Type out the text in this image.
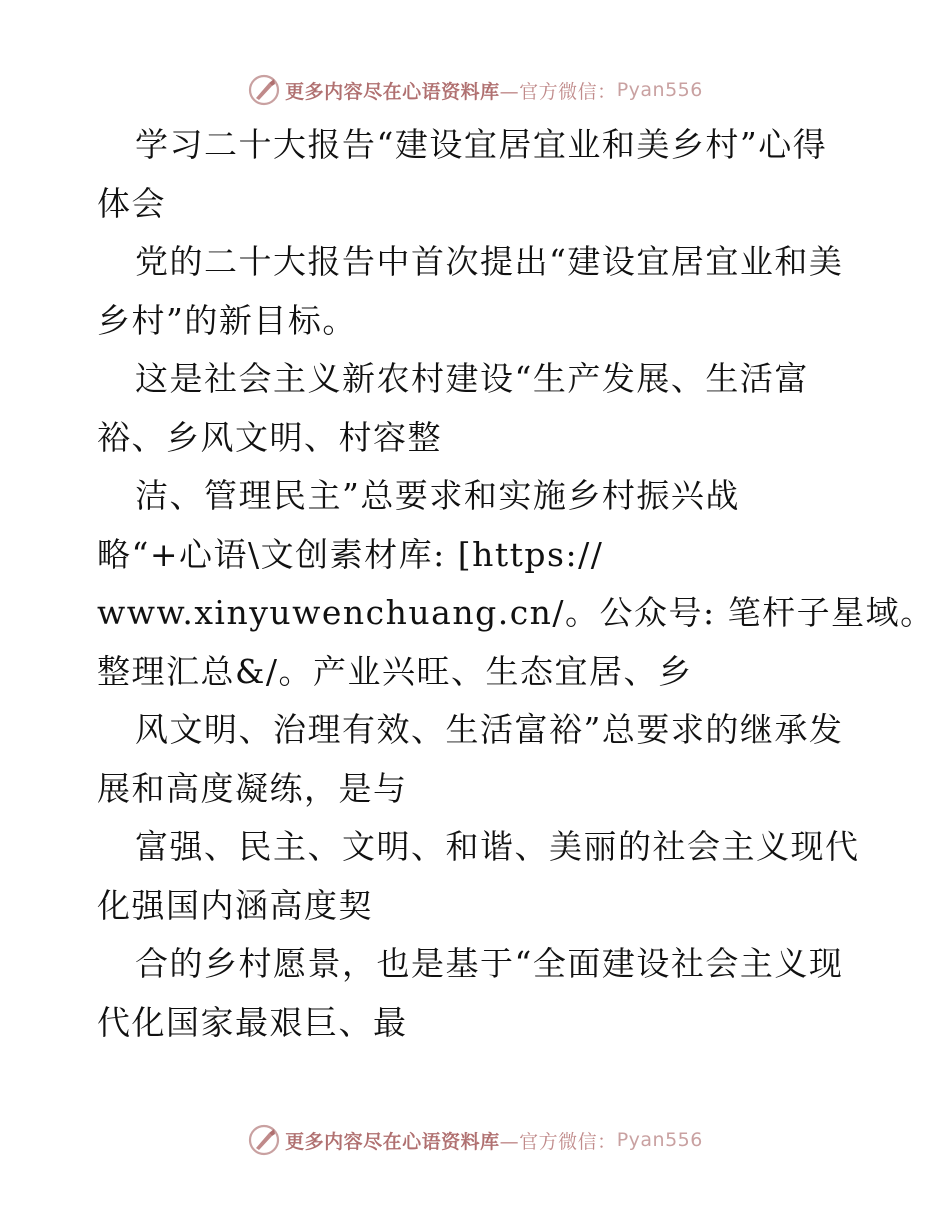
更多内容尽在心语资料库—官方微信： Pyan556
学习二十大报告“建设宜居宜业和美乡村”心得
体会
党的二十大报告中首次提出“建设宜居宜业和美
乡村”的新目标。
这是社会主义新农村建设“生产发展、生活富
裕、乡风文明、村容整
洁、管理民主”总要求和实施乡村振兴战
略“+心语\文创素材库: [https://
www.xinyuwenchuang.cn/。公众号: 笔杆子星域。
整理汇总&/。产业兴旺、生态宜居、乡
风文明、治理有效、生活富裕”总要求的继承发
展和高度凝练，是与
富强、民主、文明、和谐、美丽的社会主义现代
化强国内涵高度契
合的乡村愿景，也是基于“全面建设社会主义现
代化国家最艰巨、最
更多内容尽在心语资料库—官方微信： Pyan556
